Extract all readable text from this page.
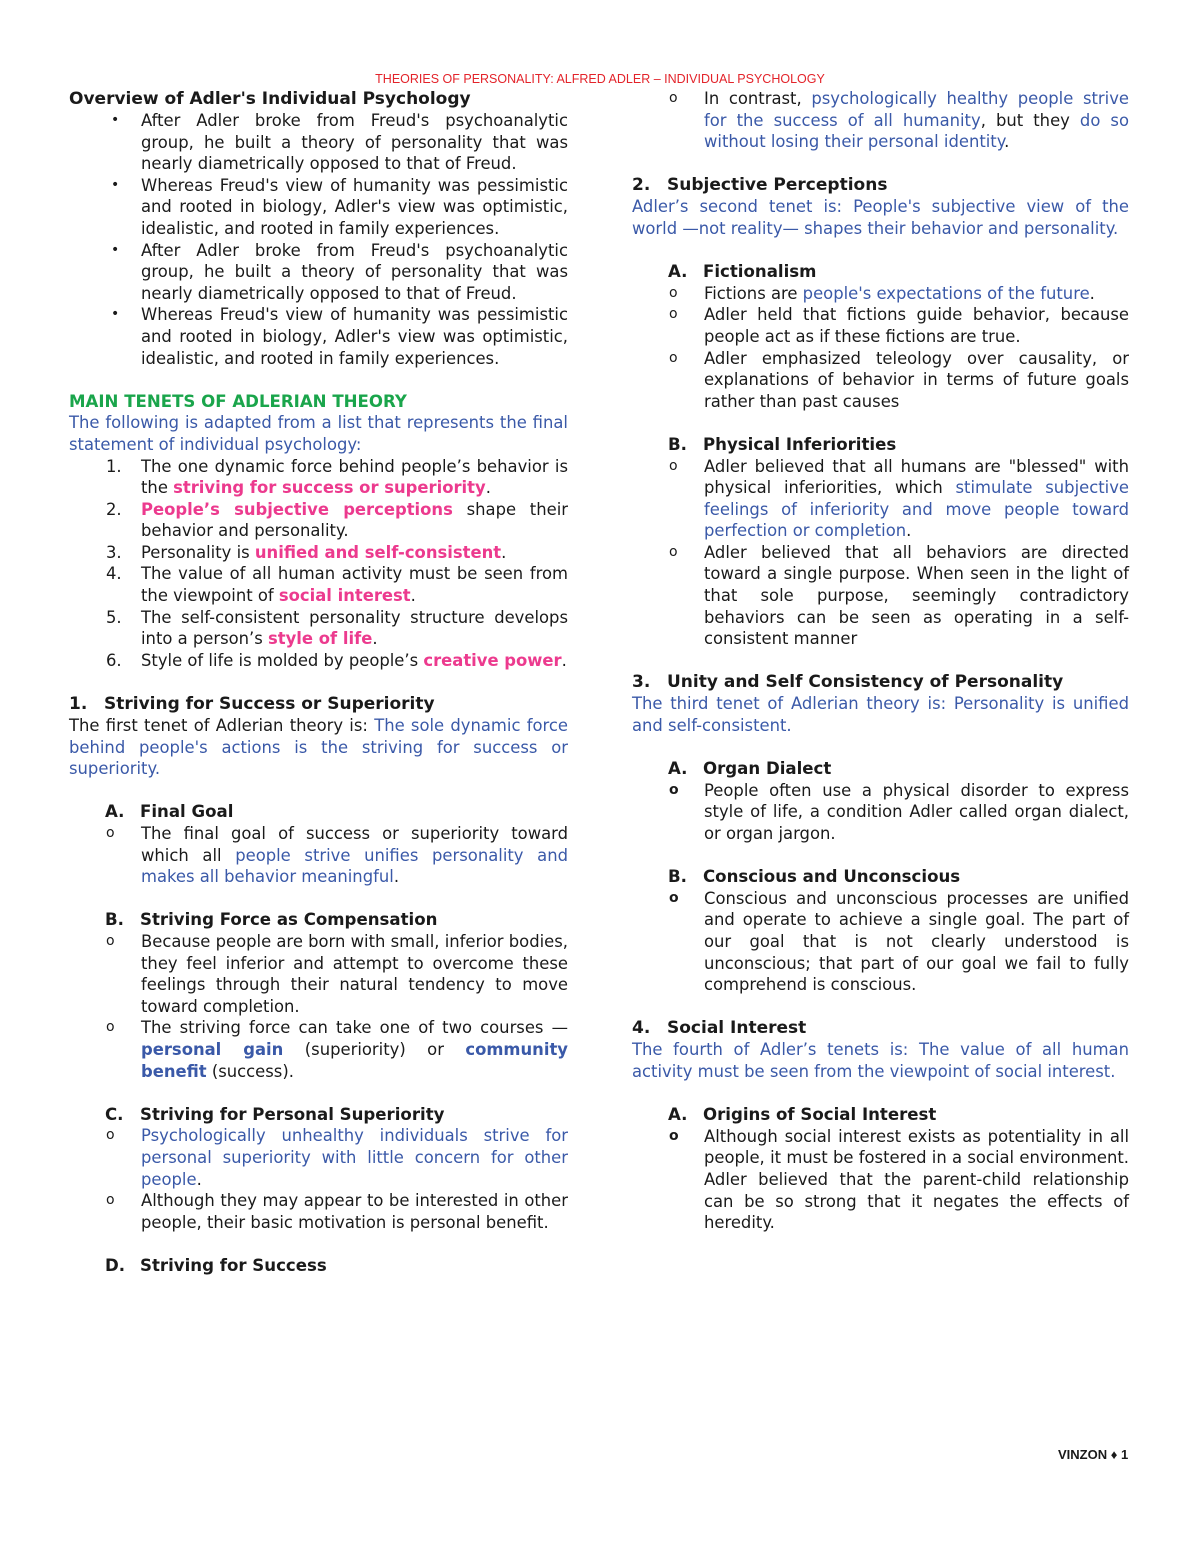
THEORIES OF PERSONALITY: ALFRED ADLER – INDIVIDUAL PSYCHOLOGY
Overview of Adler's Individual Psychology
• After Adler broke from Freud's psychoanalytic group, he built a theory of personality that was nearly diametrically opposed to that of Freud.
• Whereas Freud's view of humanity was pessimistic and rooted in biology, Adler's view was optimistic, idealistic, and rooted in family experiences.
• After Adler broke from Freud's psychoanalytic group, he built a theory of personality that was nearly diametrically opposed to that of Freud.
• Whereas Freud's view of humanity was pessimistic and rooted in biology, Adler's view was optimistic, idealistic, and rooted in family experiences.
MAIN TENETS OF ADLERIAN THEORY

The following is adapted from a list that represents the final statement of individual psychology:

1. The one dynamic force behind people’s behavior is the striving for success or superiority.
2. People’s subjective perceptions shape their behavior and personality.
3. Personality is unified and self-consistent.
4. The value of all human activity must be seen from the viewpoint of social interest.
5. The self-consistent personality structure develops into a person’s style of life.
6. Style of life is molded by people’s creative power.
1. Striving for Success or Superiority

The first tenet of Adlerian theory is: The sole dynamic force behind people's actions is the striving for success or superiority.

A. Final Goal
o The final goal of success or superiority toward which all people strive unifies personality and makes all behavior meaningful.
B. Striving Force as Compensation
o Because people are born with small, inferior bodies, they feel inferior and attempt to overcome these feelings through their natural tendency to move toward completion.
o The striving force can take one of two courses — personal gain (superiority) or community benefit (success).
C. Striving for Personal Superiority
o Psychologically unhealthy individuals strive for personal superiority with little concern for other people.
o Although they may appear to be interested in other people, their basic motivation is personal benefit.
D. Striving for Success
o In contrast, psychologically healthy people strive for the success of all humanity, but they do so without losing their personal identity.
2. Subjective Perceptions

Adler’s second tenet is: People's subjective view of the world —not reality— shapes their behavior and personality.

A. Fictionalism
o Fictions are people's expectations of the future.
o Adler held that fictions guide behavior, because people act as if these fictions are true.
o Adler emphasized teleology over causality, or explanations of behavior in terms of future goals rather than past causes
B. Physical Inferiorities
o Adler believed that all humans are "blessed" with physical inferiorities, which stimulate subjective feelings of inferiority and move people toward perfection or completion.
o Adler believed that all behaviors are directed toward a single purpose. When seen in the light of that sole purpose, seemingly contradictory behaviors can be seen as operating in a self-consistent manner
3. Unity and Self Consistency of Personality

The third tenet of Adlerian theory is: Personality is unified and self-consistent.

A. Organ Dialect
o People often use a physical disorder to express style of life, a condition Adler called organ dialect, or organ jargon.
B. Conscious and Unconscious
o Conscious and unconscious processes are unified and operate to achieve a single goal. The part of our goal that is not clearly understood is unconscious; that part of our goal we fail to fully comprehend is conscious.
4. Social Interest

The fourth of Adler’s tenets is: The value of all human activity must be seen from the viewpoint of social interest.

A. Origins of Social Interest
o Although social interest exists as potentiality in all people, it must be fostered in a social environment. Adler believed that the parent-child relationship can be so strong that it negates the effects of heredity.
VINZON ♦ 1
